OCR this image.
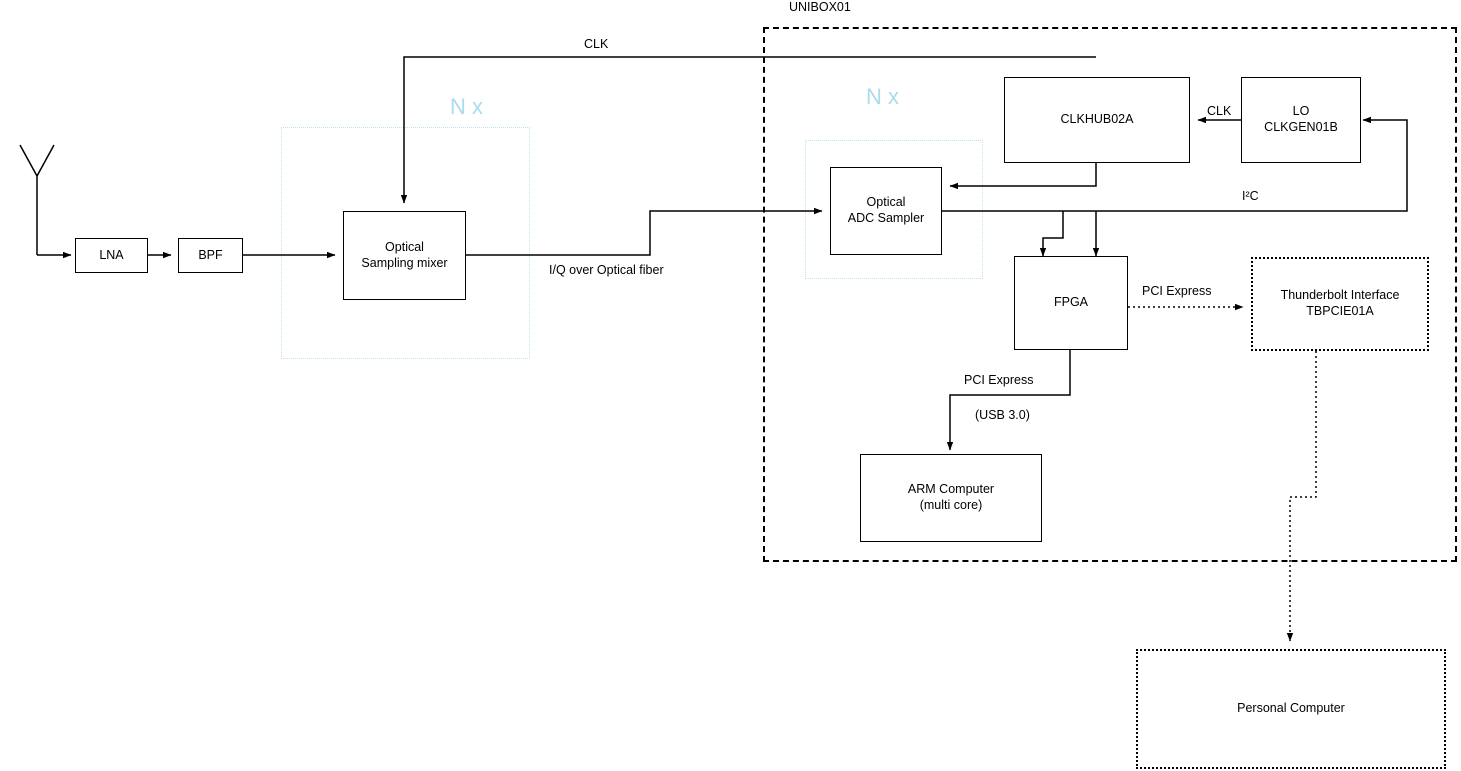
UNIBOX01
N x	N x
LNA	BPF
Optical
Sampling mixer
Optical
ADC Sampler
CLKHUB02A
LO
CLKGEN01B
FPGA	Thunderbolt Interface
TBPCIE01A
ARM Computer
(multi core)
Personal Computer
CLK
CLK
I²C
I/Q over Optical fiber
PCI Express
PCI Express
(USB 3.0)
